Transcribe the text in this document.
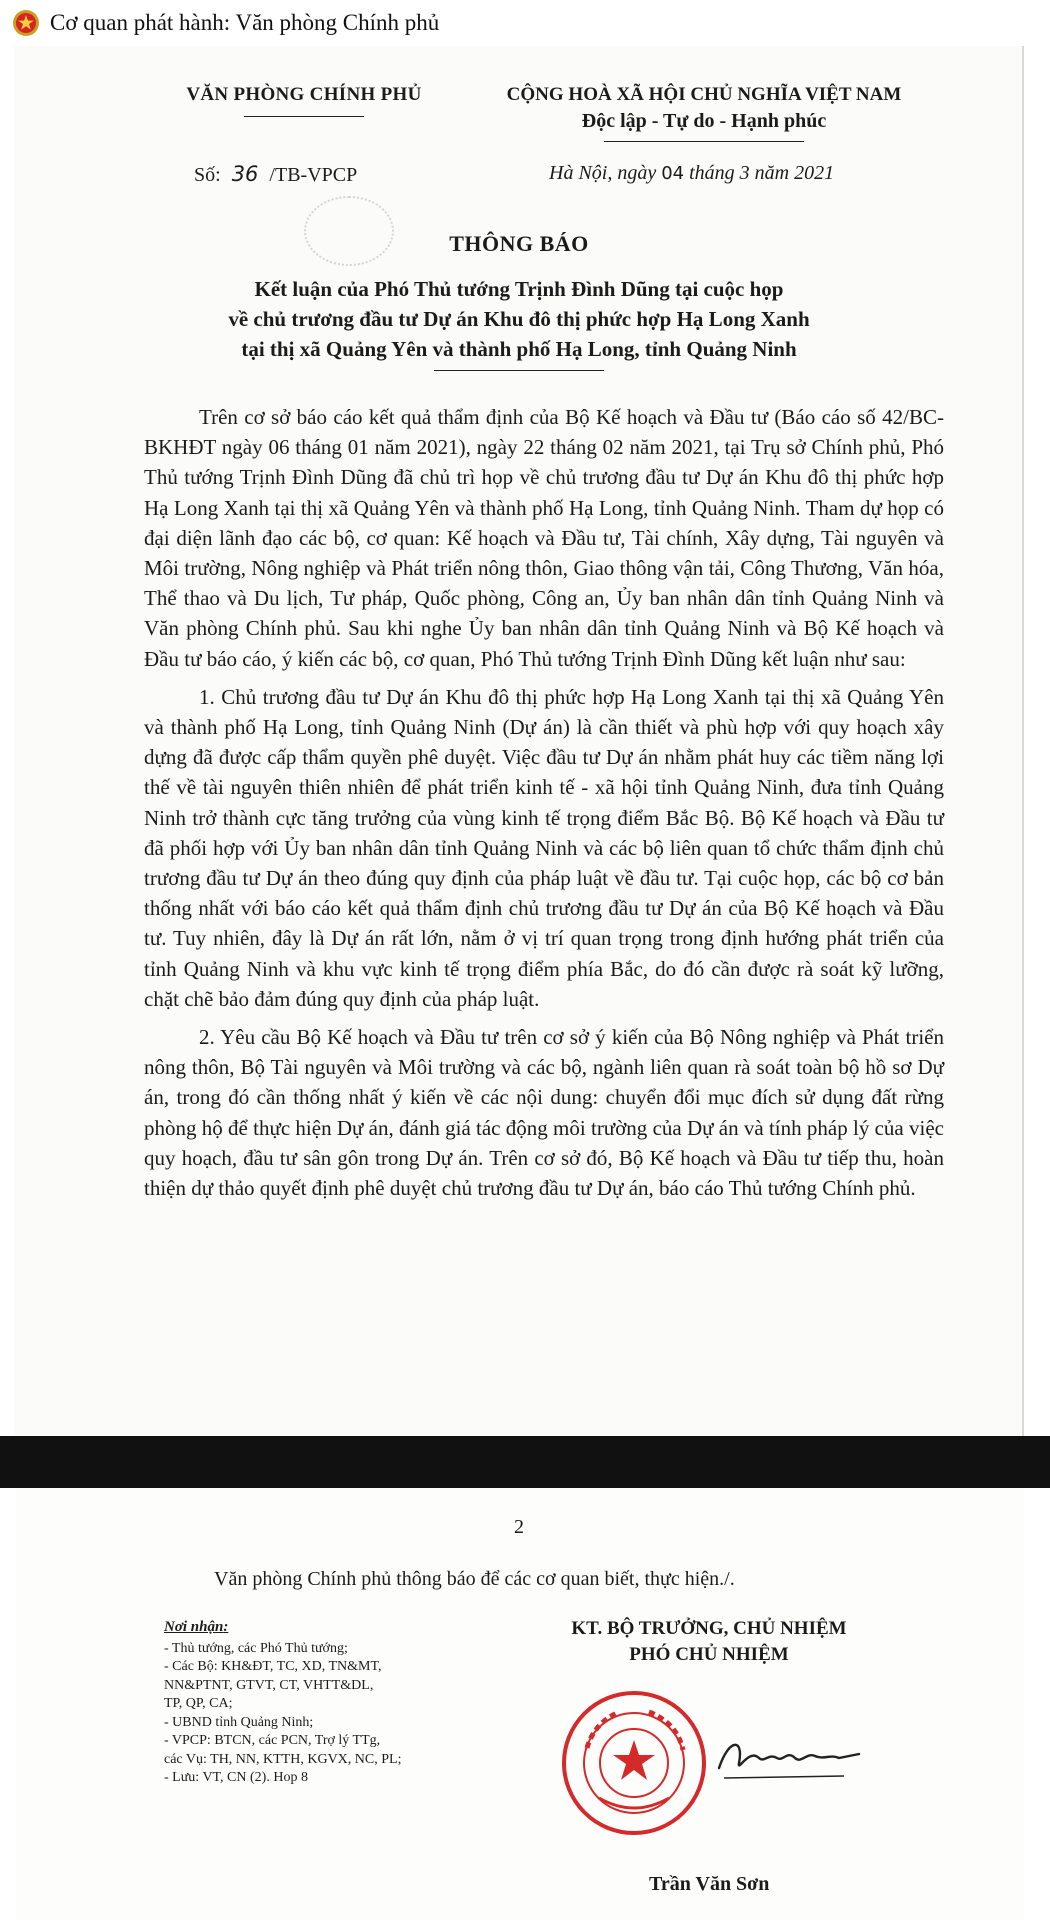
Cơ quan phát hành: Văn phòng Chính phủ
VĂN PHÒNG CHÍNH PHỦ	CỘNG HOÀ XÃ HỘI CHỦ NGHĨA VIỆT NAM
Độc lập - Tự do - Hạnh phúc
Số: 36 /TB-VPCP	Hà Nội, ngày 04 tháng 3 năm 2021
THÔNG BÁO
Kết luận của Phó Thủ tướng Trịnh Đình Dũng tại cuộc họp
về chủ trương đầu tư Dự án Khu đô thị phức hợp Hạ Long Xanh
tại thị xã Quảng Yên và thành phố Hạ Long, tỉnh Quảng Ninh

Trên cơ sở báo cáo kết quả thẩm định của Bộ Kế hoạch và Đầu tư (Báo cáo số 42/BC-BKHĐT ngày 06 tháng 01 năm 2021), ngày 22 tháng 02 năm 2021, tại Trụ sở Chính phủ, Phó Thủ tướng Trịnh Đình Dũng đã chủ trì họp về chủ trương đầu tư Dự án Khu đô thị phức hợp Hạ Long Xanh tại thị xã Quảng Yên và thành phố Hạ Long, tỉnh Quảng Ninh. Tham dự họp có đại diện lãnh đạo các bộ, cơ quan: Kế hoạch và Đầu tư, Tài chính, Xây dựng, Tài nguyên và Môi trường, Nông nghiệp và Phát triển nông thôn, Giao thông vận tải, Công Thương, Văn hóa, Thể thao và Du lịch, Tư pháp, Quốc phòng, Công an, Ủy ban nhân dân tỉnh Quảng Ninh và Văn phòng Chính phủ. Sau khi nghe Ủy ban nhân dân tỉnh Quảng Ninh và Bộ Kế hoạch và Đầu tư báo cáo, ý kiến các bộ, cơ quan, Phó Thủ tướng Trịnh Đình Dũng kết luận như sau:

1. Chủ trương đầu tư Dự án Khu đô thị phức hợp Hạ Long Xanh tại thị xã Quảng Yên và thành phố Hạ Long, tỉnh Quảng Ninh (Dự án) là cần thiết và phù hợp với quy hoạch xây dựng đã được cấp thẩm quyền phê duyệt. Việc đầu tư Dự án nhằm phát huy các tiềm năng lợi thế về tài nguyên thiên nhiên để phát triển kinh tế - xã hội tỉnh Quảng Ninh, đưa tỉnh Quảng Ninh trở thành cực tăng trưởng của vùng kinh tế trọng điểm Bắc Bộ. Bộ Kế hoạch và Đầu tư đã phối hợp với Ủy ban nhân dân tỉnh Quảng Ninh và các bộ liên quan tổ chức thẩm định chủ trương đầu tư Dự án theo đúng quy định của pháp luật về đầu tư. Tại cuộc họp, các bộ cơ bản thống nhất với báo cáo kết quả thẩm định chủ trương đầu tư Dự án của Bộ Kế hoạch và Đầu tư. Tuy nhiên, đây là Dự án rất lớn, nằm ở vị trí quan trọng trong định hướng phát triển của tỉnh Quảng Ninh và khu vực kinh tế trọng điểm phía Bắc, do đó cần được rà soát kỹ lưỡng, chặt chẽ bảo đảm đúng quy định của pháp luật.

2. Yêu cầu Bộ Kế hoạch và Đầu tư trên cơ sở ý kiến của Bộ Nông nghiệp và Phát triển nông thôn, Bộ Tài nguyên và Môi trường và các bộ, ngành liên quan rà soát toàn bộ hồ sơ Dự án, trong đó cần thống nhất ý kiến về các nội dung: chuyển đổi mục đích sử dụng đất rừng phòng hộ để thực hiện Dự án, đánh giá tác động môi trường của Dự án và tính pháp lý của việc quy hoạch, đầu tư sân gôn trong Dự án. Trên cơ sở đó, Bộ Kế hoạch và Đầu tư tiếp thu, hoàn thiện dự thảo quyết định phê duyệt chủ trương đầu tư Dự án, báo cáo Thủ tướng Chính phủ.

2
Văn phòng Chính phủ thông báo để các cơ quan biết, thực hiện./.
Nơi nhận:
- Thủ tướng, các Phó Thủ tướng;
- Các Bộ: KH&ĐT, TC, XD, TN&MT,
NN&PTNT, GTVT, CT, VHTT&DL,
TP, QP, CA;
- UBND tỉnh Quảng Ninh;
- VPCP: BTCN, các PCN, Trợ lý TTg,
các Vụ: TH, NN, KTTH, KGVX, NC, PL;
- Lưu: VT, CN (2). Hop 8
KT. BỘ TRƯỞNG, CHỦ NHIỆM
PHÓ CHỦ NHIỆM
Trần Văn Sơn
